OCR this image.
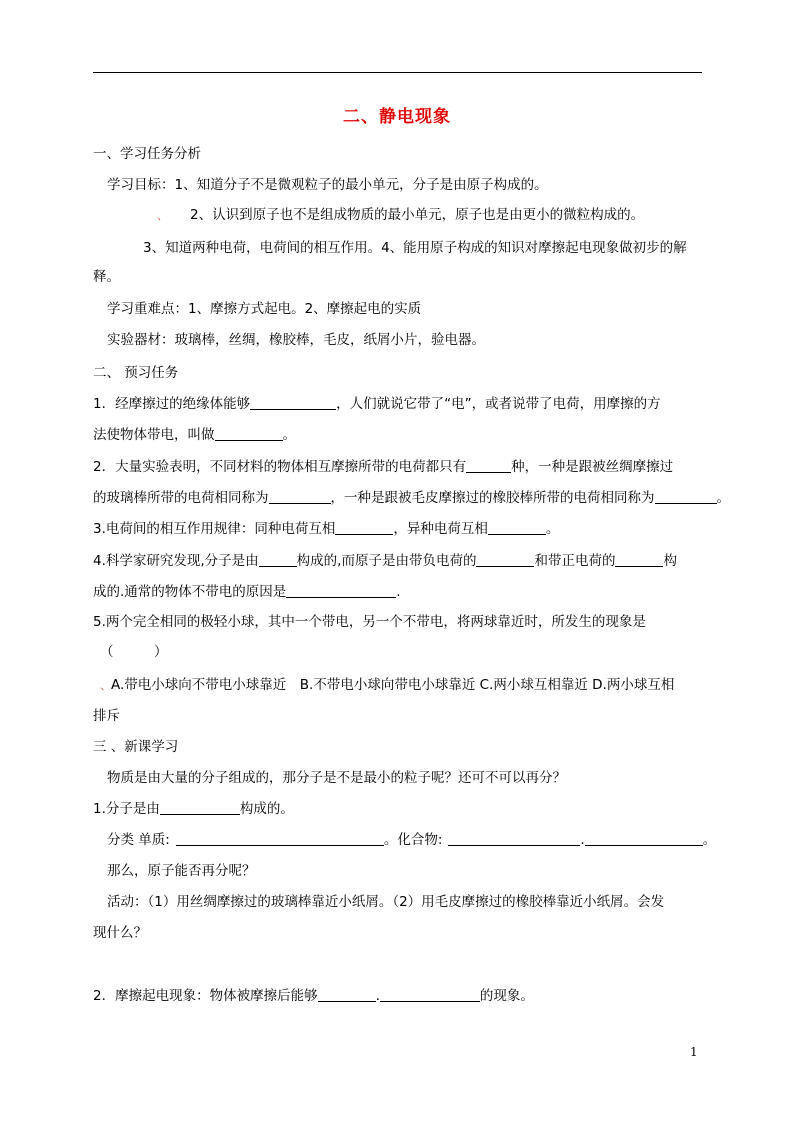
二、静电现象
一、学习任务分析
学习目标：1、知道分子不是微观粒子的最小单元，分子是由原子构成的。
、 2、认识到原子也不是组成物质的最小单元，原子也是由更小的微粒构成的。
3、知道两种电荷，电荷间的相互作用。4、能用原子构成的知识对摩擦起电现象做初步的解
释。
学习重难点：1、摩擦方式起电。2、摩擦起电的实质
实验器材：玻璃棒，丝绸，橡胶棒，毛皮，纸屑小片，验电器。
二、 预习任务
1．经摩擦过的绝缘体能够	，人们就说它带了“电”，或者说带了电荷，用摩擦的方
法使物体带电，叫做	。
2．大量实验表明，不同材料的物体相互摩擦所带的电荷都只有	种，一种是跟被丝绸摩擦过
的玻璃棒所带的电荷相同称为	，一种是跟被毛皮摩擦过的橡胶棒所带的电荷相同称为	。
3.电荷间的相互作用规律：同种电荷互相	，异种电荷互相	。
4.科学家研究发现,分子是由	构成的,而原子是由带负电荷的	和带正电荷的	构
成的.通常的物体不带电的原因是	.
5.两个完全相同的极轻小球，其中一个带电，另一个不带电，将两球靠近时，所发生的现象是
（　　　）
、A.带电小球向不带电小球靠近　B.不带电小球向带电小球靠近 C.两小球互相靠近 D.两小球互相
排斥
三 、新课学习
物质是由大量的分子组成的，那分子是不是最小的粒子呢？还可不可以再分？
1.分子是由	构成的。
分类 单质:	。化合物:	.	。
那么，原子能否再分呢？
活动：（1）用丝绸摩擦过的玻璃棒靠近小纸屑。（2）用毛皮摩擦过的橡胶棒靠近小纸屑。会发
现什么？
2．摩擦起电现象：物体被摩擦后能够	.	的现象。
1
